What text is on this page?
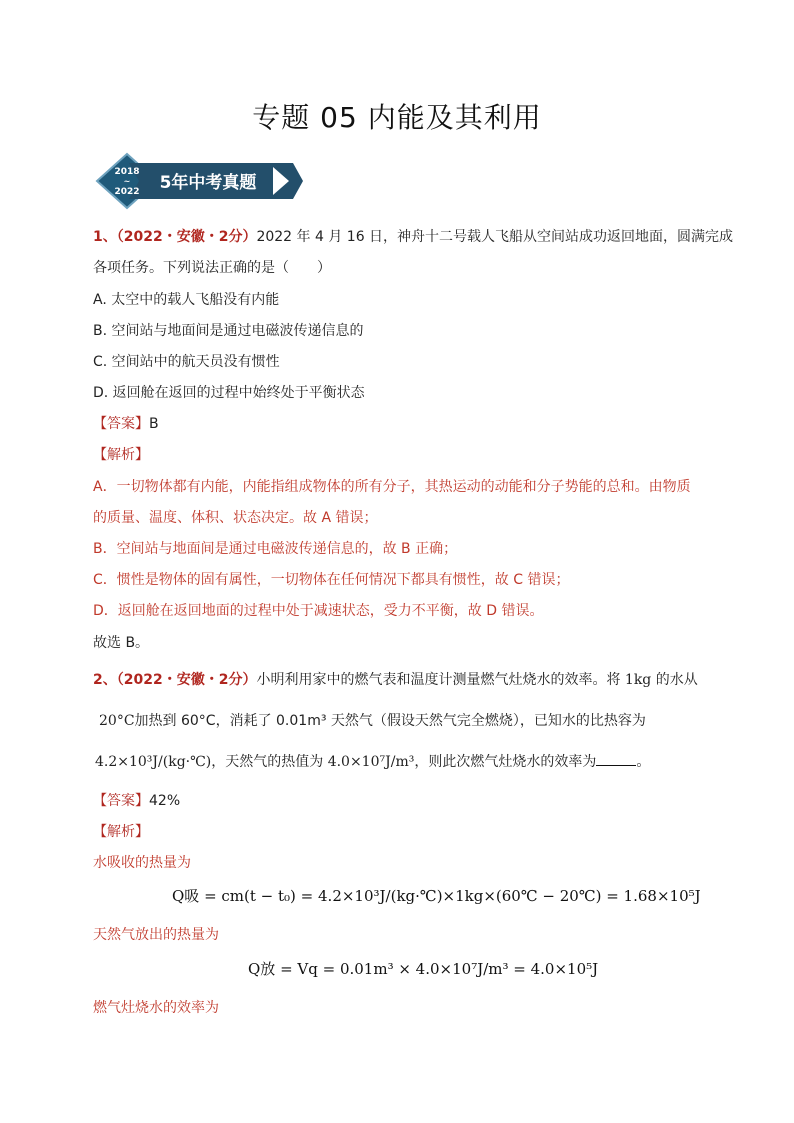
专题 05 内能及其利用
2018
~
2022 5年中考真题
1、（2022・安徽・2分）2022 年 4 月 16 日，神舟十二号载人飞船从空间站成功返回地面，圆满完成
各项任务。下列说法正确的是（　　）
A. 太空中的载人飞船没有内能
B. 空间站与地面间是通过电磁波传递信息的
C. 空间站中的航天员没有惯性
D. 返回舱在返回的过程中始终处于平衡状态
【答案】B
【解析】
A．一切物体都有内能，内能指组成物体的所有分子，其热运动的动能和分子势能的总和。由物质
的质量、温度、体积、状态决定。故 A 错误；
B．空间站与地面间是通过电磁波传递信息的，故 B 正确；
C．惯性是物体的固有属性，一切物体在任何情况下都具有惯性，故 C 错误；
D．返回舱在返回地面的过程中处于减速状态，受力不平衡，故 D 错误。
故选 B。
2、（2022・安徽・2分）小明利用家中的燃气表和温度计测量燃气灶烧水的效率。将 1kg 的水从
20°C加热到 60°C，消耗了 0.01m³ 天然气（假设天然气完全燃烧），已知水的比热容为
4.2×10³J/(kg·℃)，天然气的热值为 4.0×10⁷J/m³，则此次燃气灶烧水的效率为	。
【答案】42%
【解析】
水吸收的热量为
Q吸 = cm(t − t₀) = 4.2×10³J/(kg·℃)×1kg×(60℃ − 20℃) = 1.68×10⁵J
天然气放出的热量为
Q放 = Vq = 0.01m³ × 4.0×10⁷J/m³ = 4.0×10⁵J
燃气灶烧水的效率为
